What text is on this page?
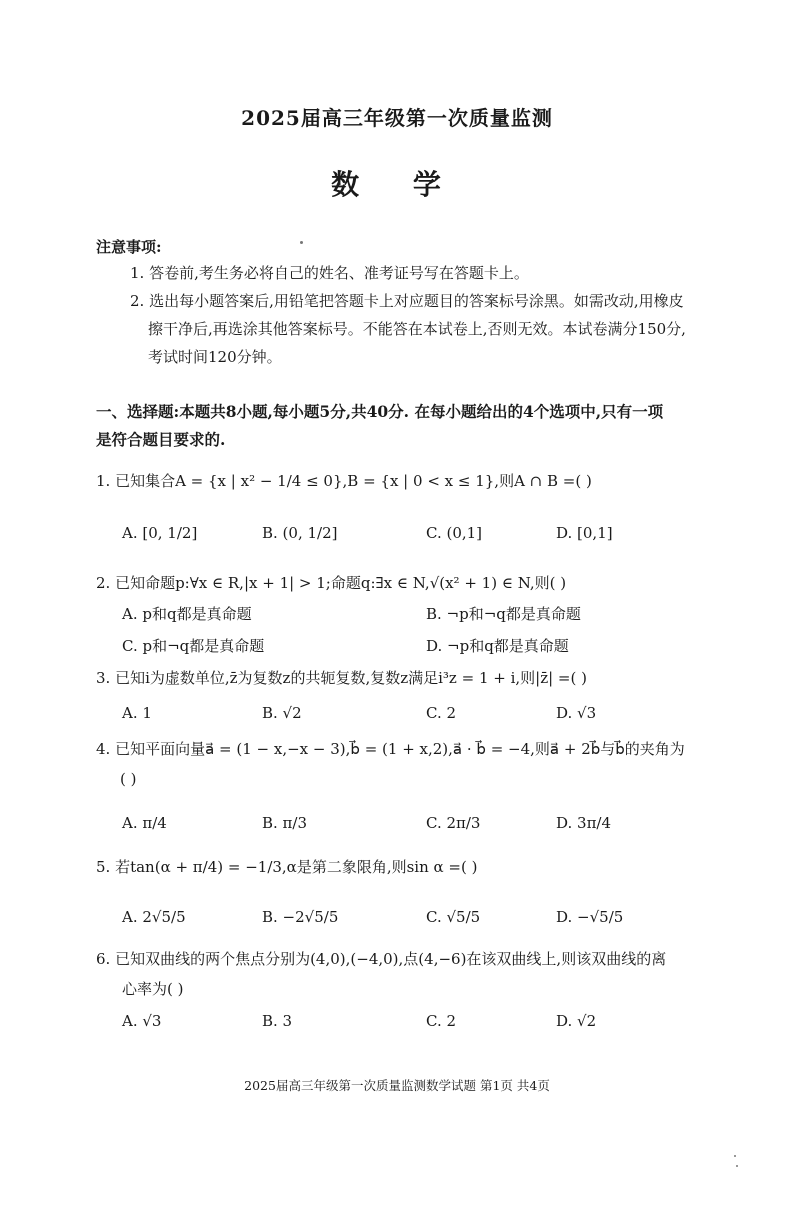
2025届高三年级第一次质量监测
数 学
注意事项:
1. 答卷前,考生务必将自己的姓名、准考证号写在答题卡上。
2. 选出每小题答案后,用铅笔把答题卡上对应题目的答案标号涂黑。如需改动,用橡皮
擦干净后,再选涂其他答案标号。不能答在本试卷上,否则无效。本试卷满分150分,
考试时间120分钟。
一、选择题:本题共8小题,每小题5分,共40分. 在每小题给出的4个选项中,只有一项
是符合题目要求的.
1. 已知集合A = {x | x² − 1/4 ≤ 0},B = {x | 0 < x ≤ 1},则A ∩ B =( )
A. [0, 1/2]	B. (0, 1/2]	C. (0,1]	D. [0,1]
2. 已知命题p:∀x ∈ R,|x + 1| > 1;命题q:∃x ∈ N,√(x² + 1) ∈ N,则( )
A. p和q都是真命题	B. ¬p和¬q都是真命题
C. p和¬q都是真命题	D. ¬p和q都是真命题
3. 已知i为虚数单位,z̄为复数z的共轭复数,复数z满足i³z = 1 + i,则|z̄| =( )
A. 1	B. √2	C. 2	D. √3
4. 已知平面向量a⃗ = (1 − x,−x − 3),b⃗ = (1 + x,2),a⃗ · b⃗ = −4,则a⃗ + 2b⃗与b⃗的夹角为
( )
A. π/4	B. π/3	C. 2π/3	D. 3π/4
5. 若tan(α + π/4) = −1/3,α是第二象限角,则sin α =( )
A. 2√5/5	B. −2√5/5	C. √5/5	D. −√5/5
6. 已知双曲线的两个焦点分别为(4,0),(−4,0),点(4,−6)在该双曲线上,则该双曲线的离
心率为( )
A. √3	B. 3	C. 2	D. √2
2025届高三年级第一次质量监测数学试题 第1页 共4页
